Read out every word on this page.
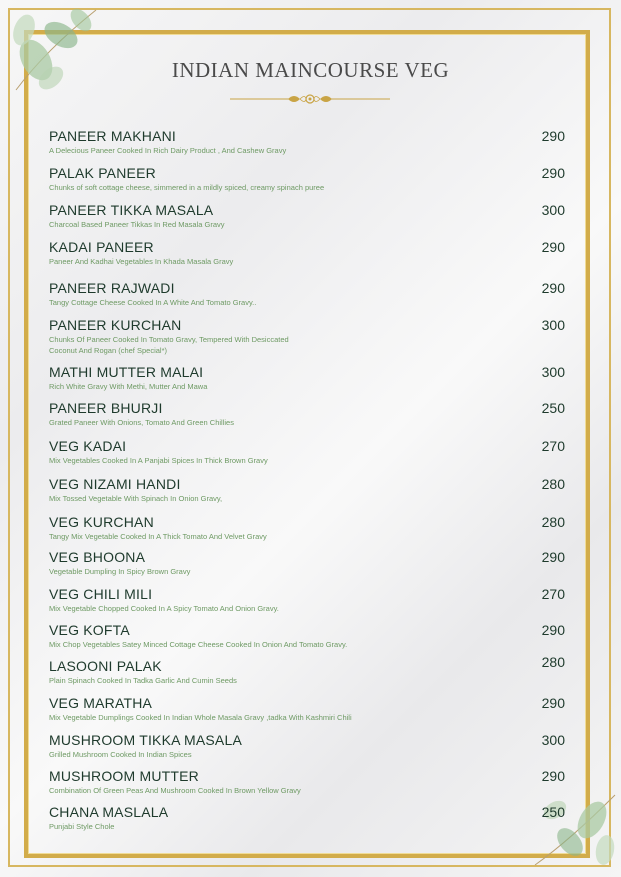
INDIAN MAINCOURSE VEG
PANEER MAKHANI	290
A Delecious Paneer Cooked In Rich Dairy Product , And Cashew Gravy
PALAK PANEER	290
Chunks of soft cottage cheese, simmered in a mildly spiced, creamy spinach puree
PANEER TIKKA MASALA	300
Charcoal Based Paneer Tikkas In Red Masala Gravy
KADAI PANEER	290
Paneer And Kadhai Vegetables In Khada Masala Gravy
PANEER RAJWADI	290
Tangy Cottage Cheese Cooked In A White And Tomato Gravy..
PANEER KURCHAN	300
Chunks Of Paneer Cooked In Tomato Gravy, Tempered With Desiccated Coconut And Rogan (chef Special*)
MATHI MUTTER MALAI	300
Rich White Gravy With Methi, Mutter And Mawa
PANEER BHURJI	250
Grated Paneer With Onions, Tomato And Green Chillies
VEG KADAI	270
Mix Vegetables Cooked In A Panjabi Spices In Thick Brown Gravy
VEG NIZAMI HANDI	280
Mix Tossed Vegetable With Spinach In Onion Gravy,
VEG KURCHAN	280
Tangy Mix Vegetable Cooked In A Thick Tomato And Velvet Gravy
VEG BHOONA	290
Vegetable Dumpling In Spicy Brown Gravy
VEG CHILI MILI	270
Mix Vegetable Chopped Cooked In A Spicy Tomato And Onion Gravy.
VEG KOFTA	290
Mix Chop Vegetables Satey Minced Cottage Cheese Cooked In Onion And Tomato Gravy.
LASOONI PALAK	280
Plain Spinach Cooked In Tadka Garlic And Cumin Seeds
VEG MARATHA	290
Mix Vegetable Dumplings Cooked In Indian Whole Masala Gravy ,tadka With Kashmiri Chili
MUSHROOM TIKKA MASALA	300
Grilled Mushroom Cooked In Indian Spices
MUSHROOM MUTTER	290
Combination Of Green Peas And Mushroom Cooked In Brown Yellow Gravy
CHANA MASLALA	250
Punjabi Style Chole
